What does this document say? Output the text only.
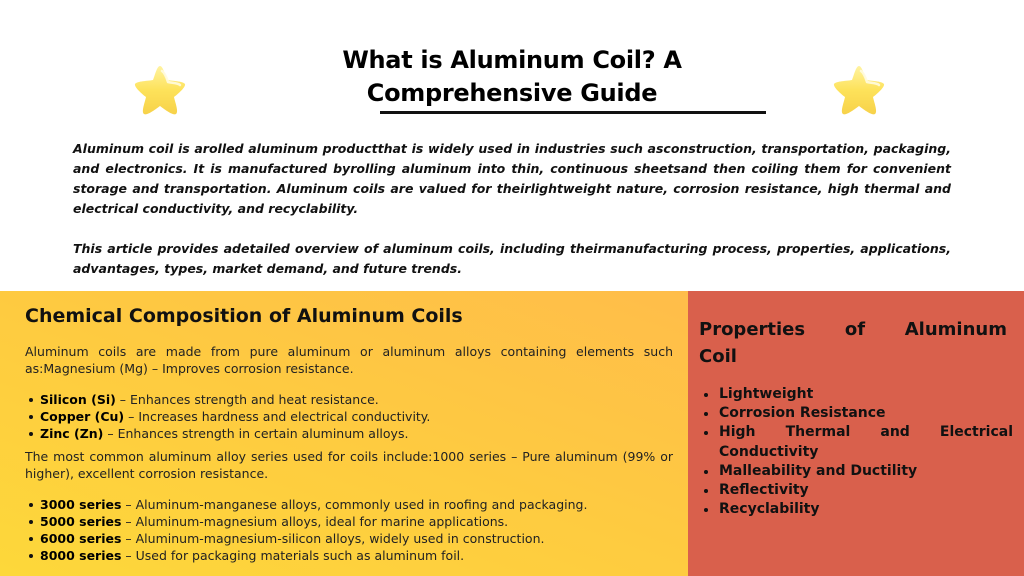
What is Aluminum Coil? A
Comprehensive Guide

Aluminum coil is arolled aluminum productthat is widely used in industries such asconstruction, transportation, packaging, and electronics. It is manufactured byrolling aluminum into thin, continuous sheetsand then coiling them for convenient storage and transportation. Aluminum coils are valued for theirlightweight nature, corrosion resistance, high thermal and electrical conductivity, and recyclability.

This article provides adetailed overview of aluminum coils, including theirmanufacturing process, properties, applications, advantages, types, market demand, and future trends.

Chemical Composition of Aluminum Coils

Aluminum coils are made from pure aluminum or aluminum alloys containing elements such as:Magnesium (Mg) – Improves corrosion resistance.

Silicon (Si) – Enhances strength and heat resistance.
Copper (Cu) – Increases hardness and electrical conductivity.
Zinc (Zn) – Enhances strength in certain aluminum alloys.

The most common aluminum alloy series used for coils include:1000 series – Pure aluminum (99% or higher), excellent corrosion resistance.

3000 series – Aluminum-manganese alloys, commonly used in roofing and packaging.
5000 series – Aluminum-magnesium alloys, ideal for marine applications.
6000 series – Aluminum-magnesium-silicon alloys, widely used in construction.
8000 series – Used for packaging materials such as aluminum foil.
Properties of Aluminum
Coil
Lightweight
Corrosion Resistance
High Thermal and Electrical
Conductivity
Malleability and Ductility
Reflectivity
Recyclability
